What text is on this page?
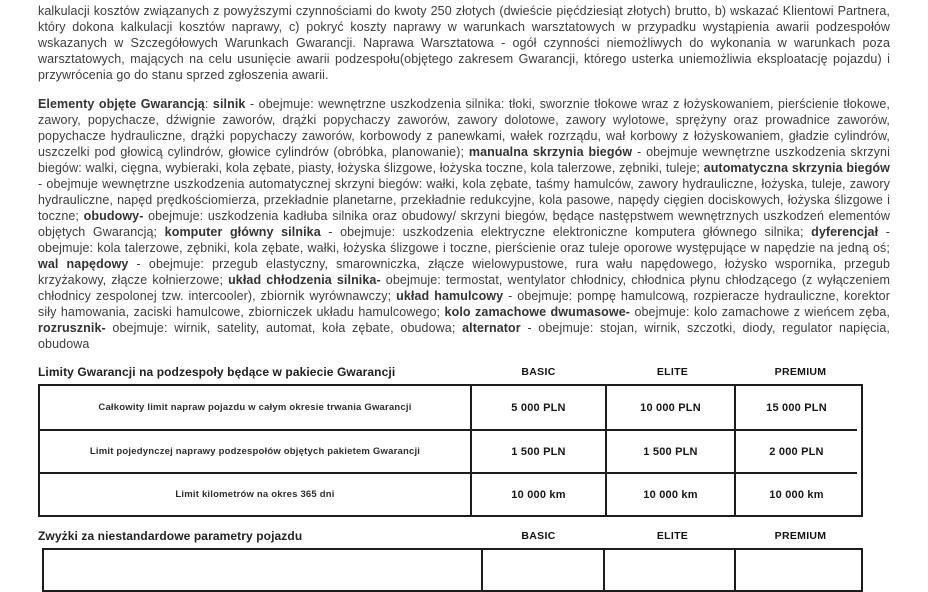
kalkulacji kosztów związanych z powyższymi czynnościami do kwoty 250 złotych (dwieście pięćdziesiąt złotych) brutto, b) wskazać Klientowi Partnera, który dokona kalkulacji kosztów naprawy, c) pokryć koszty naprawy w warunkach warsztatowych w przypadku wystąpienia awarii podzespołów wskazanych w Szczegółowych Warunkach Gwarancji. Naprawa Warsztatowa - ogół czynności niemożliwych do wykonania w warunkach poza warsztatowych, mających na celu usunięcie awarii podzespołu(objętego zakresem Gwarancji, którego usterka uniemożliwia eksploatację pojazdu) i przywrócenia go do stanu sprzed zgłoszenia awarii.

Elementy objęte Gwarancją: silnik - obejmuje: wewnętrzne uszkodzenia silnika: tłoki, sworznie tłokowe wraz z łożyskowaniem, pierścienie tłokowe, zawory, popychacze, dźwignie zaworów, drążki popychaczy zaworów, zawory dolotowe, zawory wylotowe, sprężyny oraz prowadnice zaworów, popychacze hydrauliczne, drążki popychaczy zaworów, korbowody z panewkami, wałek rozrządu, wał korbowy z łożyskowaniem, gładzie cylindrów, uszczelki pod głowicą cylindrów, głowice cylindrów (obróbka, planowanie); manualna skrzynia biegów - obejmuje wewnętrzne uszkodzenia skrzyni biegów: walki, cięgna, wybieraki, kola zębate, piasty, łożyska ślizgowe, łożyska toczne, kola talerzowe, zębniki, tuleje; automatyczna skrzynia biegów - obejmuje wewnętrzne uszkodzenia automatycznej skrzyni biegów: wałki, kola zębate, taśmy hamulców, zawory hydrauliczne, łożyska, tuleje, zawory hydrauliczne, napęd prędkościomierza, przekładnie planetarne, przekładnie redukcyjne, kola pasowe, napędy cięgien dociskowych, łożyska ślizgowe i toczne; obudowy- obejmuje: uszkodzenia kadłuba silnika oraz obudowy/ skrzyni biegów, będące następstwem wewnętrznych uszkodzeń elementów objętych Gwarancją; komputer główny silnika - obejmuje: uszkodzenia elektryczne elektroniczne komputera głównego silnika; dyferencjał - obejmuje: kola talerzowe, zębniki, kola zębate, wałki, łożyska ślizgowe i toczne, pierścienie oraz tuleje oporowe występujące w napędzie na jedną oś; wal napędowy - obejmuje: przegub elastyczny, smarowniczka, złącze wielowypustowe, rura wału napędowego, łożysko wspornika, przegub krzyżakowy, złącze kołnierzowe; układ chłodzenia silnika- obejmuje: termostat, wentylator chłodnicy, chłodnica płynu chłodzącego (z wyłączeniem chłodnicy zespolonej tzw. intercooler), zbiornik wyrównawczy; układ hamulcowy - obejmuje: pompę hamulcową, rozpieracze hydrauliczne, korektor siły hamowania, zaciski hamulcowe, zbiorniczek układu hamulcowego; kolo zamachowe dwumasowe- obejmuje: kolo zamachowe z wieńcem zęba, rozrusznik- obejmuje: wirnik, satelity, automat, koła zębate, obudowa; alternator - obejmuje: stojan, wirnik, szczotki, diody, regulator napięcia, obudowa

Limity Gwarancji na podzespoły będące w pakiecie Gwarancji	BASIC	ELITE	PREMIUM
Całkowity limit napraw pojazdu w całym okresie trwania Gwarancji	5 000 PLN	10 000 PLN	15 000 PLN
Limit pojedynczej naprawy podzespołów objętych pakietem Gwarancji	1 500 PLN	1 500 PLN	2 000 PLN
Limit kilometrów na okres 365 dni	10 000 km	10 000 km	10 000 km
Zwyżki za niestandardowe parametry pojazdu	BASIC	ELITE	PREMIUM
